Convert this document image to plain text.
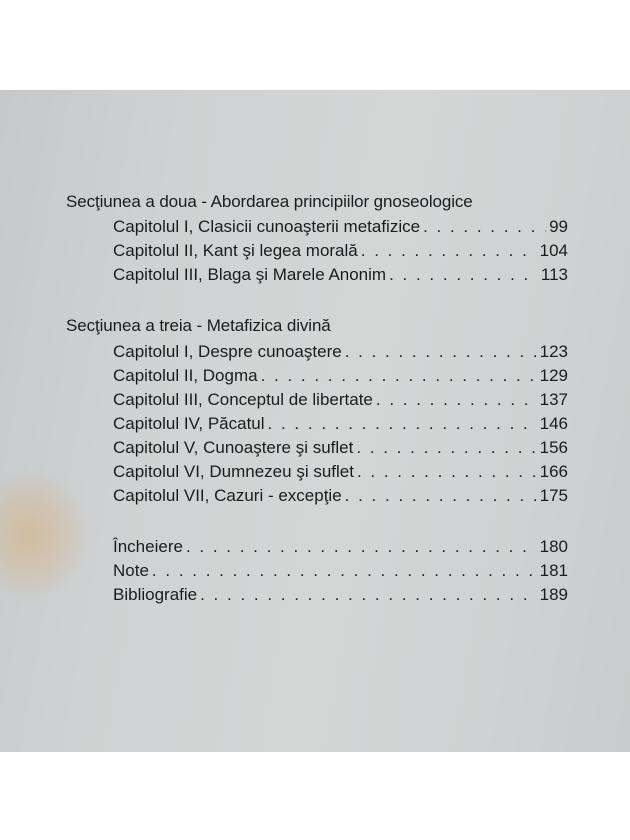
Secţiunea a doua - Abordarea principiilor gnoseologice
Capitolul I, Clasicii cunoaşterii metafizice . . .	99
Capitolul II, Kant şi legea morală . . .	104
Capitolul III, Blaga şi Marele Anonim . . .	113
Secţiunea a treia - Metafizica divină
Capitolul I, Despre cunoaştere . . .	123
Capitolul II, Dogma . . .	129
Capitolul III, Conceptul de libertate . . .	137
Capitolul IV, Păcatul . . .	146
Capitolul V, Cunoaştere şi suflet . . .	156
Capitolul VI, Dumnezeu şi suflet . . .	166
Capitolul VII, Cazuri - excepţie . . .	175
Încheiere . . .	180
Note . . .	181
Bibliografie . . .	189
